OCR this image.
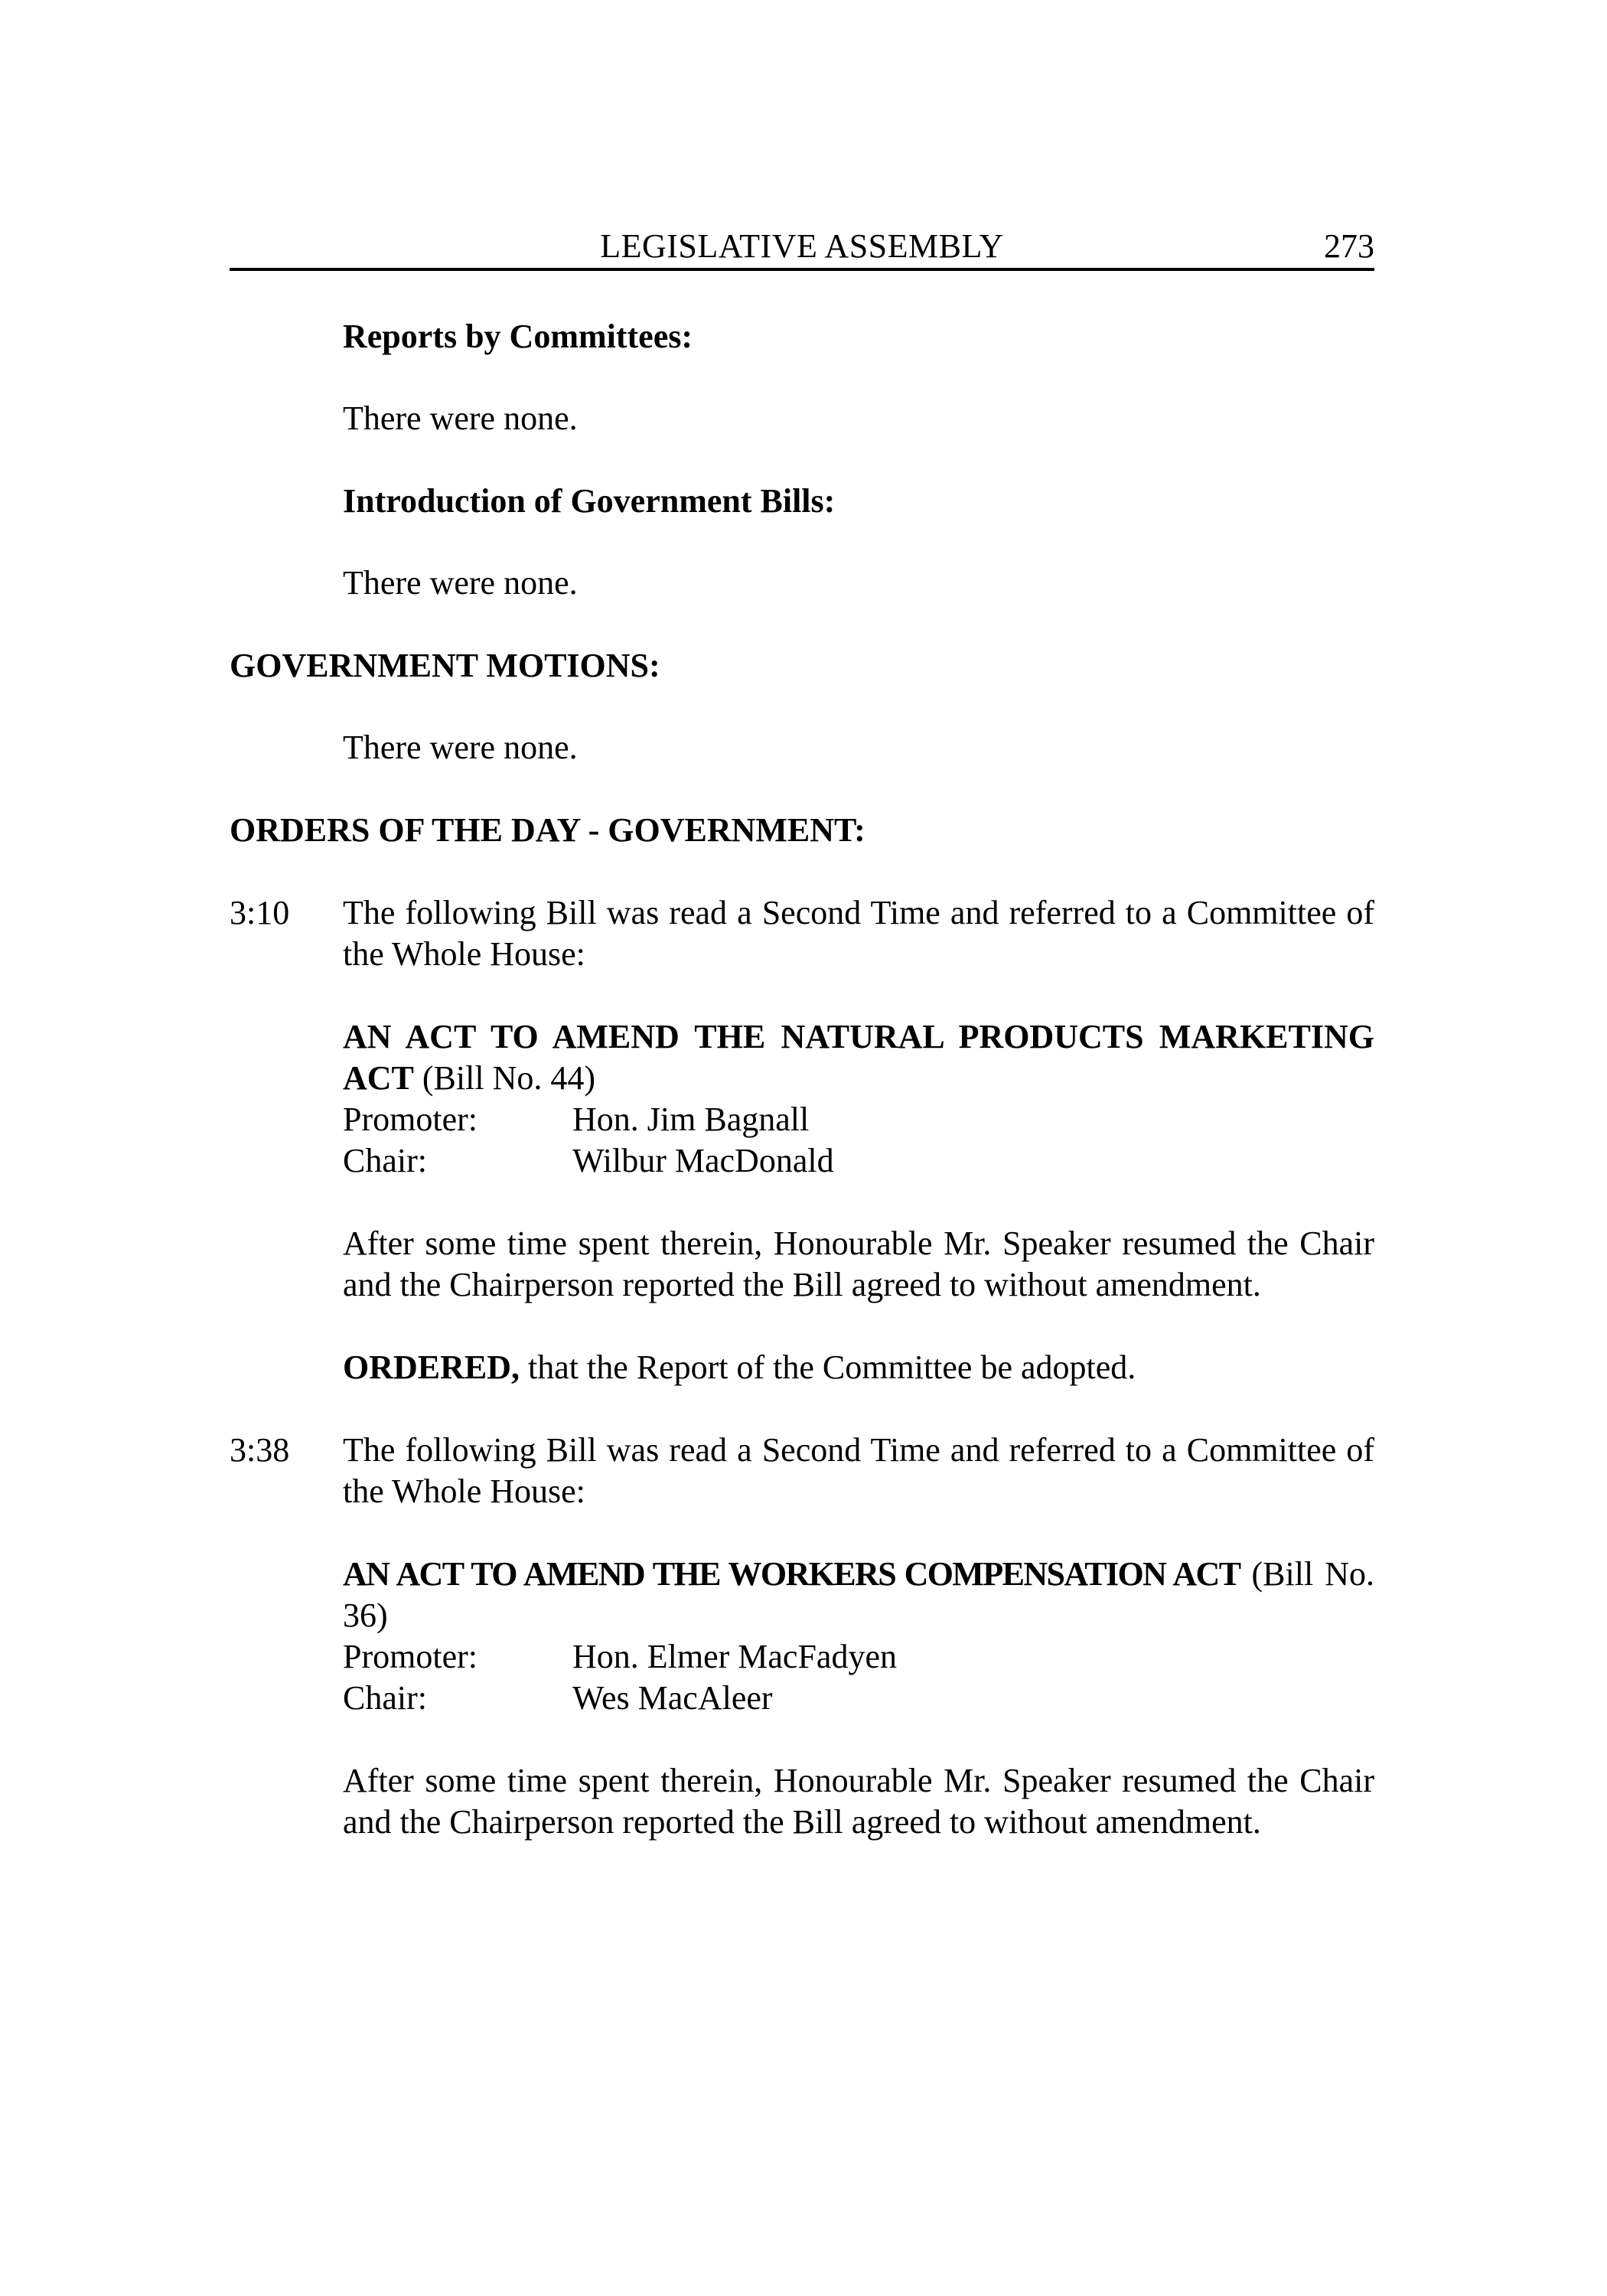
LEGISLATIVE ASSEMBLY	273

Reports by Committees:

There were none.

Introduction of Government Bills:

There were none.

GOVERNMENT MOTIONS:

There were none.

ORDERS OF THE DAY - GOVERNMENT:

3:10 The following Bill was read a Second Time and referred to a Committee of the Whole House:

AN ACT TO AMEND THE NATURAL PRODUCTS MARKETING ACT (Bill No. 44)

Promoter:	Hon. Jim Bagnall
Chair:	Wilbur MacDonald

After some time spent therein, Honourable Mr. Speaker resumed the Chair and the Chairperson reported the Bill agreed to without amendment.

ORDERED, that the Report of the Committee be adopted.

3:38 The following Bill was read a Second Time and referred to a Committee of the Whole House:

AN ACT TO AMEND THE WORKERS COMPENSATION ACT (Bill No. 36)

Promoter:	Hon. Elmer MacFadyen
Chair:	Wes MacAleer

After some time spent therein, Honourable Mr. Speaker resumed the Chair and the Chairperson reported the Bill agreed to without amendment.
